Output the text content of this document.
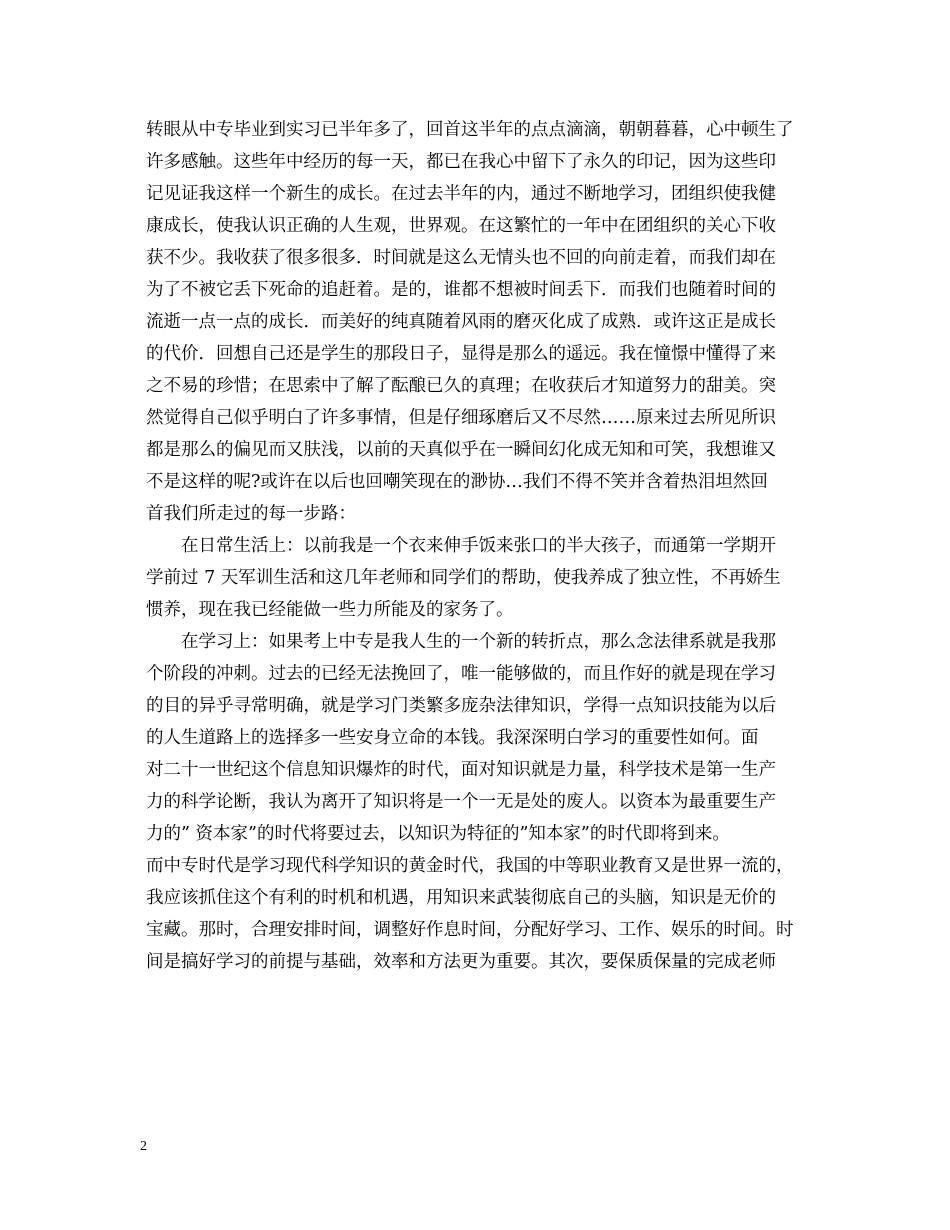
转眼从中专毕业到实习已半年多了，回首这半年的点点滴滴，朝朝暮暮，心中顿生了
许多感触。这些年中经历的每一天，都已在我心中留下了永久的印记，因为这些印
记见证我这样一个新生的成长。在过去半年的内，通过不断地学习，团组织使我健
康成长，使我认识正确的人生观，世界观。在这繁忙的一年中在团组织的关心下收
获不少。我收获了很多很多．时间就是这么无情头也不回的向前走着，而我们却在
为了不被它丢下死命的追赶着。是的，谁都不想被时间丢下．而我们也随着时间的
流逝一点一点的成长．而美好的纯真随着风雨的磨灭化成了成熟．或许这正是成长
的代价．回想自己还是学生的那段日子，显得是那么的遥远。我在憧憬中懂得了来
之不易的珍惜；在思索中了解了酝酿已久的真理；在收获后才知道努力的甜美。突
然觉得自己似乎明白了许多事情，但是仔细琢磨后又不尽然……原来过去所见所识
都是那么的偏见而又肤浅，以前的天真似乎在一瞬间幻化成无知和可笑，我想谁又
不是这样的呢?或许在以后也回嘲笑现在的渺协…我们不得不笑并含着热泪坦然回
首我们所走过的每一步路：
在日常生活上：以前我是一个衣来伸手饭来张口的半大孩子，而通第一学期开
学前过 7 天军训生活和这几年老师和同学们的帮助，使我养成了独立性，不再娇生
惯养，现在我已经能做一些力所能及的家务了。
在学习上：如果考上中专是我人生的一个新的转折点，那么念法律系就是我那
个阶段的冲刺。过去的已经无法挽回了，唯一能够做的，而且作好的就是现在学习
的目的异乎寻常明确，就是学习门类繁多庞杂法律知识，学得一点知识技能为以后
的人生道路上的选择多一些安身立命的本钱。我深深明白学习的重要性如何。面
对二十一世纪这个信息知识爆炸的时代，面对知识就是力量，科学技术是第一生产
力的科学论断，我认为离开了知识将是一个一无是处的废人。以资本为最重要生产
力的” 资本家”的时代将要过去，以知识为特征的”知本家”的时代即将到来。
而中专时代是学习现代科学知识的黄金时代，我国的中等职业教育又是世界一流的，
我应该抓住这个有利的时机和机遇，用知识来武装彻底自己的头脑，知识是无价的
宝藏。那时，合理安排时间，调整好作息时间，分配好学习、工作、娱乐的时间。时
间是搞好学习的前提与基础，效率和方法更为重要。其次，要保质保量的完成老师
2
